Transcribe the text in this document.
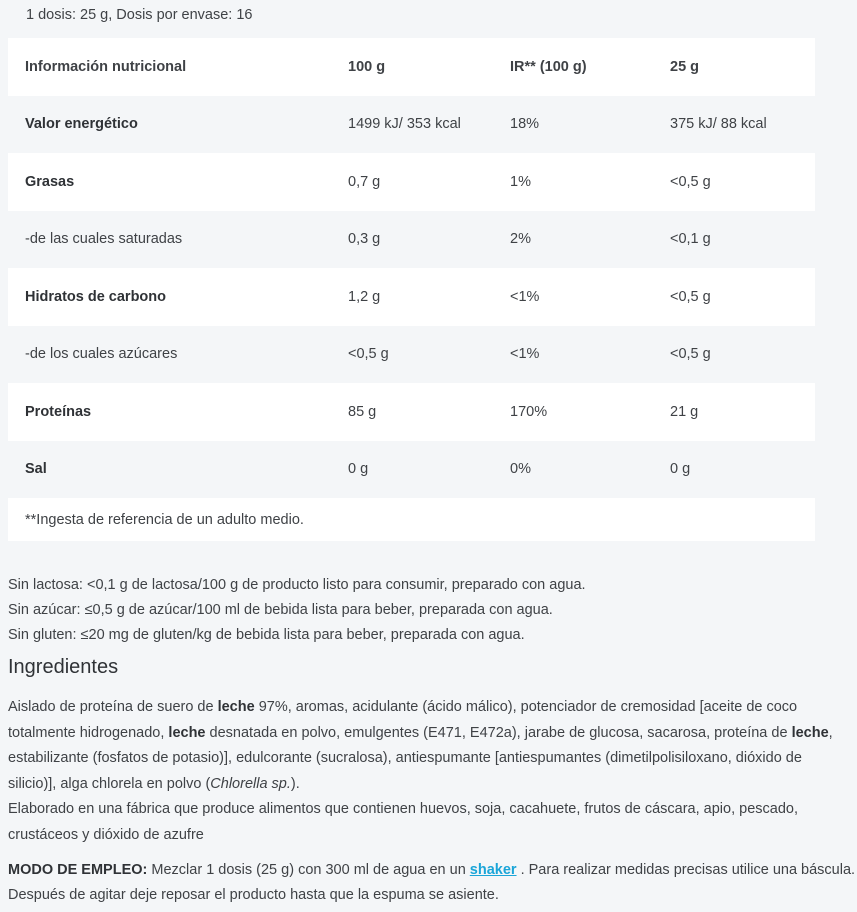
1 dosis: 25 g, Dosis por envase: 16
Información nutricional	100 g	IR** (100 g)	25 g
Valor energético	1499 kJ/ 353 kcal	18%	375 kJ/ 88 kcal
Grasas	0,7 g	1%	<0,5 g
-de las cuales saturadas	0,3 g	2%	<0,1 g
Hidratos de carbono	1,2 g	<1%	<0,5 g
-de los cuales azúcares	<0,5 g	<1%	<0,5 g
Proteínas	85 g	170%	21 g
Sal	0 g	0%	0 g
**Ingesta de referencia de un adulto medio.			
Sin lactosa: <0,1 g de lactosa/100 g de producto listo para consumir, preparado con agua.
Sin azúcar: ≤0,5 g de azúcar/100 ml de bebida lista para beber, preparada con agua.
Sin gluten: ≤20 mg de gluten/kg de bebida lista para beber, preparada con agua.
Ingredientes

Aislado de proteína de suero de leche 97%, aromas, acidulante (ácido málico), potenciador de cremosidad [aceite de coco totalmente hidrogenado, leche desnatada en polvo, emulgentes (E471, E472a), jarabe de glucosa, sacarosa, proteína de leche, estabilizante (fosfatos de potasio)], edulcorante (sucralosa), antiespumante [antiespumantes (dimetilpolisiloxano, dióxido de silicio)], alga chlorela en polvo (Chlorella sp.).

Elaborado en una fábrica que produce alimentos que contienen huevos, soja, cacahuete, frutos de cáscara, apio, pescado, crustáceos y dióxido de azufre

MODO DE EMPLEO: Mezclar 1 dosis (25 g) con 300 ml de agua en un shaker . Para realizar medidas precisas utilice una báscula. Después de agitar deje reposar el producto hasta que la espuma se asiente.
